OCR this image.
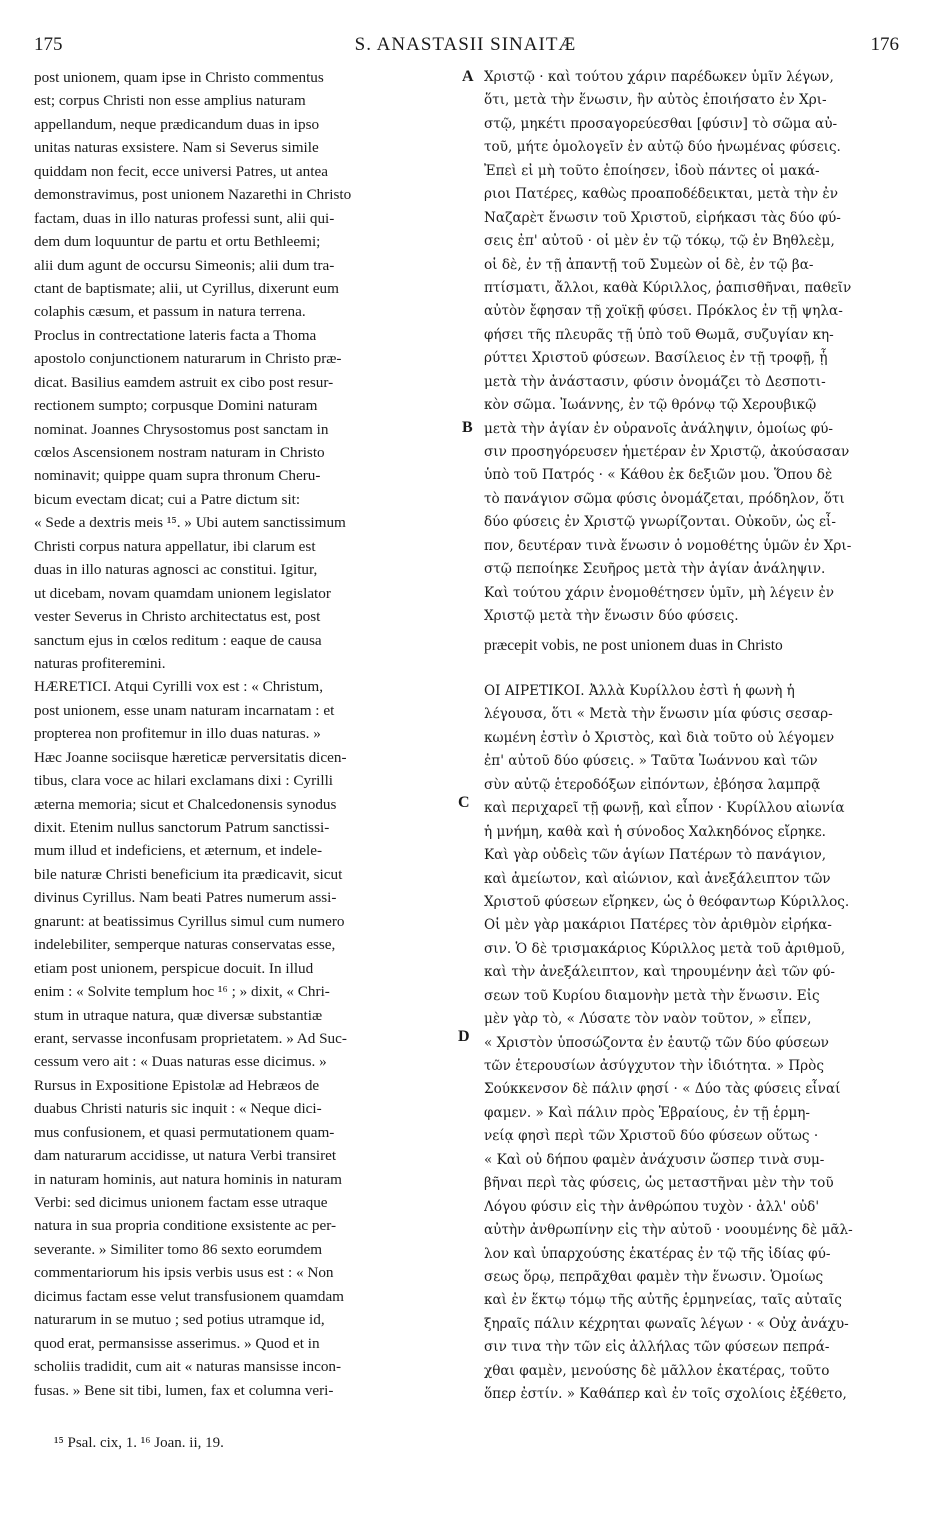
175	S. ANASTASII SINAITÆ	176
post unionem, quam ipse in Christo commentus
est; corpus Christi non esse amplius naturam
appellandum, neque prædicandum duas in ipso
unitas naturas exsistere. Nam si Severus simile
quiddam non fecit, ecce universi Patres, ut antea
demonstravimus, post unionem Nazarethi in Christo
factam, duas in illo naturas professi sunt, alii qui-
dem dum loquuntur de partu et ortu Bethleemi;
alii dum agunt de occursu Simeonis; alii dum tra-
ctant de baptismate; alii, ut Cyrillus, dixerunt eum
colaphis cæsum, et passum in natura terrena.
Proclus in contrectatione lateris facta a Thoma
apostolo conjunctionem naturarum in Christo præ-
dicat. Basilius eamdem astruit ex cibo post resur-
rectionem sumpto; corpusque Domini naturam
nominat. Joannes Chrysostomus post sanctam in
cœlos Ascensionem nostram naturam in Christo
nominavit; quippe quam supra thronum Cheru-
bicum evectam dicat; cui a Patre dictum sit:
« Sede a dextris meis ¹⁵. » Ubi autem sanctissimum
Christi corpus natura appellatur, ibi clarum est
duas in illo naturas agnosci ac constitui. Igitur,
ut dicebam, novam quamdam unionem legislator
vester Severus in Christo architectatus est, post
sanctum ejus in cœlos reditum : eaque de causa
naturas profiteremini.
HÆRETICI. Atqui Cyrilli vox est : « Christum,
post unionem, esse unam naturam incarnatam : et
propterea non profitemur in illo duas naturas. »
Hæc Joanne sociisque hæreticæ perversitatis dicen-
tibus, clara voce ac hilari exclamans dixi : Cyrilli
æterna memoria; sicut et Chalcedonensis synodus
dixit. Etenim nullus sanctorum Patrum sanctissi-
mum illud et indeficiens, et æternum, et indele-
bile naturæ Christi beneficium ita prædicavit, sicut
divinus Cyrillus. Nam beati Patres numerum assi-
gnarunt: at beatissimus Cyrillus simul cum numero
indelebiliter, semperque naturas conservatas esse,
etiam post unionem, perspicue docuit. In illud
enim : « Solvite templum hoc ¹⁶ ; » dixit, « Chri-
stum in utraque natura, quæ diversæ substantiæ
erant, servasse inconfusam proprietatem. » Ad Suc-
cessum vero ait : « Duas naturas esse dicimus. »
Rursus in Expositione Epistolæ ad Hebræos de
duabus Christi naturis sic inquit : « Neque dici-
mus confusionem, et quasi permutationem quam-
dam naturarum accidisse, ut natura Verbi transiret
in naturam hominis, aut natura hominis in naturam
Verbi: sed dicimus unionem factam esse utraque
natura in sua propria conditione exsistente ac per-
severante. » Similiter tomo 86 sexto eorumdem
commentariorum his ipsis verbis usus est : « Non
dicimus factam esse velut transfusionem quamdam
naturarum in se mutuo ; sed potius utramque id,
quod erat, permansisse asserimus. » Quod et in
scholiis tradidit, cum ait « naturas mansisse incon-
fusas. » Bene sit tibi, lumen, fax et columna veri-
Χριστῷ · καὶ τούτου χάριν παρέδωκεν ὑμῖν λέγων,
ὅτι, μετὰ τὴν ἕνωσιν, ἣν αὐτὸς ἐποιήσατο ἐν Χρι-
στῷ, μηκέτι προσαγορεύεσθαι [φύσιν] τὸ σῶμα αὐ-
τοῦ, μήτε ὁμολογεῖν ἐν αὐτῷ δύο ἡνωμένας φύσεις.
Ἐπεὶ εἰ μὴ τοῦτο ἐποίησεν, ἰδοὺ πάντες οἱ μακά-
ριοι Πατέρες, καθὼς προαποδέδεικται, μετὰ τὴν ἐν
Ναζαρὲτ ἕνωσιν τοῦ Χριστοῦ, εἰρήκασι τὰς δύο φύ-
σεις ἐπ' αὐτοῦ · οἱ μὲν ἐν τῷ τόκῳ, τῷ ἐν Βηθλεὲμ,
οἱ δὲ, ἐν τῇ ἀπαντῇ τοῦ Συμεὼν οἱ δὲ, ἐν τῷ βα-
πτίσματι, ἄλλοι, καθὰ Κύριλλος, ῥαπισθῆναι, παθεῖν
αὐτὸν ἔφησαν τῇ χοϊκῇ φύσει. Πρόκλος ἐν τῇ ψηλα-
φήσει τῆς πλευρᾶς τῇ ὑπὸ τοῦ Θωμᾶ, συζυγίαν κη-
ρύττει Χριστοῦ φύσεων. Βασίλειος ἐν τῇ τροφῇ, ᾗ
μετὰ τὴν ἀνάστασιν, φύσιν ὀνομάζει τὸ Δεσποτι-
κὸν σῶμα. Ἰωάννης, ἐν τῷ θρόνῳ τῷ Χερουβικῷ
μετὰ τὴν ἁγίαν ἐν οὐρανοῖς ἀνάληψιν, ὁμοίως φύ-
σιν προσηγόρευσεν ἡμετέραν ἐν Χριστῷ, ἀκούσασαν
ὑπὸ τοῦ Πατρός · « Κάθου ἐκ δεξιῶν μου. Ὅπου δὲ
τὸ πανάγιον σῶμα φύσις ὀνομάζεται, πρόδηλον, ὅτι
δύο φύσεις ἐν Χριστῷ γνωρίζονται. Οὐκοῦν, ὡς εἶ-
πον, δευτέραν τινὰ ἕνωσιν ὁ νομοθέτης ὑμῶν ἐν Χρι-
στῷ πεποίηκε Σευῆρος μετὰ τὴν ἁγίαν ἀνάληψιν.
Καὶ τούτου χάριν ἐνομοθέτησεν ὑμῖν, μὴ λέγειν ἐν
Χριστῷ μετὰ τὴν ἕνωσιν δύο φύσεις.
præcepit vobis, ne post unionem duas in Christo
ΟΙ ΑΙΡΕΤΙΚΟΙ. Ἀλλὰ Κυρίλλου ἐστὶ ἡ φωνὴ ἡ
λέγουσα, ὅτι « Μετὰ τὴν ἕνωσιν μία φύσις σεσαρ-
κωμένη ἐστὶν ὁ Χριστὸς, καὶ διὰ τοῦτο οὐ λέγομεν
ἐπ' αὐτοῦ δύο φύσεις. » Ταῦτα Ἰωάννου καὶ τῶν
σὺν αὐτῷ ἑτεροδόξων εἰπόντων, ἐβόησα λαμπρᾷ
καὶ περιχαρεῖ τῇ φωνῇ, καὶ εἶπον · Κυρίλλου αἰωνία
ἡ μνήμη, καθὰ καὶ ἡ σύνοδος Χαλκηδόνος εἴρηκε.
Καὶ γὰρ οὐδεὶς τῶν ἁγίων Πατέρων τὸ πανάγιον,
καὶ ἀμείωτον, καὶ αἰώνιον, καὶ ἀνεξάλειπτον τῶν
Χριστοῦ φύσεων εἴρηκεν, ὡς ὁ θεόφαντωρ Κύριλλος.
Οἱ μὲν γὰρ μακάριοι Πατέρες τὸν ἀριθμὸν εἰρήκα-
σιν. Ὁ δὲ τρισμακάριος Κύριλλος μετὰ τοῦ ἀριθμοῦ,
καὶ τὴν ἀνεξάλειπτον, καὶ τηρουμένην ἀεὶ τῶν φύ-
σεων τοῦ Κυρίου διαμονὴν μετὰ τὴν ἕνωσιν. Εἰς
μὲν γὰρ τὸ, « Λύσατε τὸν ναὸν τοῦτον, » εἶπεν,
« Χριστὸν ὑποσώζοντα ἐν ἑαυτῷ τῶν δύο φύσεων
τῶν ἑτερουσίων ἀσύγχυτον τὴν ἰδιότητα. » Πρὸς
Σούκκενσον δὲ πάλιν φησί · « Δύο τὰς φύσεις εἶναί
φαμεν. » Καὶ πάλιν πρὸς Ἑβραίους, ἐν τῇ ἑρμη-
νείᾳ φησὶ περὶ τῶν Χριστοῦ δύο φύσεων οὕτως ·
« Καὶ οὐ δήπου φαμὲν ἀνάχυσιν ὥσπερ τινὰ συμ-
βῆναι περὶ τὰς φύσεις, ὡς μεταστῆναι μὲν τὴν τοῦ
Λόγου φύσιν εἰς τὴν ἀνθρώπου τυχὸν · ἀλλ' οὐδ'
αὐτὴν ἀνθρωπίνην εἰς τὴν αὐτοῦ · νοουμένης δὲ μᾶλ-
λον καὶ ὑπαρχούσης ἑκατέρας ἐν τῷ τῆς ἰδίας φύ-
σεως ὅρῳ, πεπρᾶχθαι φαμὲν τὴν ἕνωσιν. Ὁμοίως
καὶ ἐν ἕκτῳ τόμῳ τῆς αὐτῆς ἑρμηνείας, ταῖς αὐταῖς
ξηραῖς πάλιν κέχρηται φωναῖς λέγων · « Οὐχ ἀνάχυ-
σιν τινα τὴν τῶν εἰς ἀλλήλας τῶν φύσεων πεπρά-
χθαι φαμὲν, μενούσης δὲ μᾶλλον ἑκατέρας, τοῦτο
ὅπερ ἐστίν. » Καθάπερ καὶ ἐν τοῖς σχολίοις ἐξέθετο,
A
B
C
D
¹⁵ Psal. cix, 1. ¹⁶ Joan. ii, 19.
